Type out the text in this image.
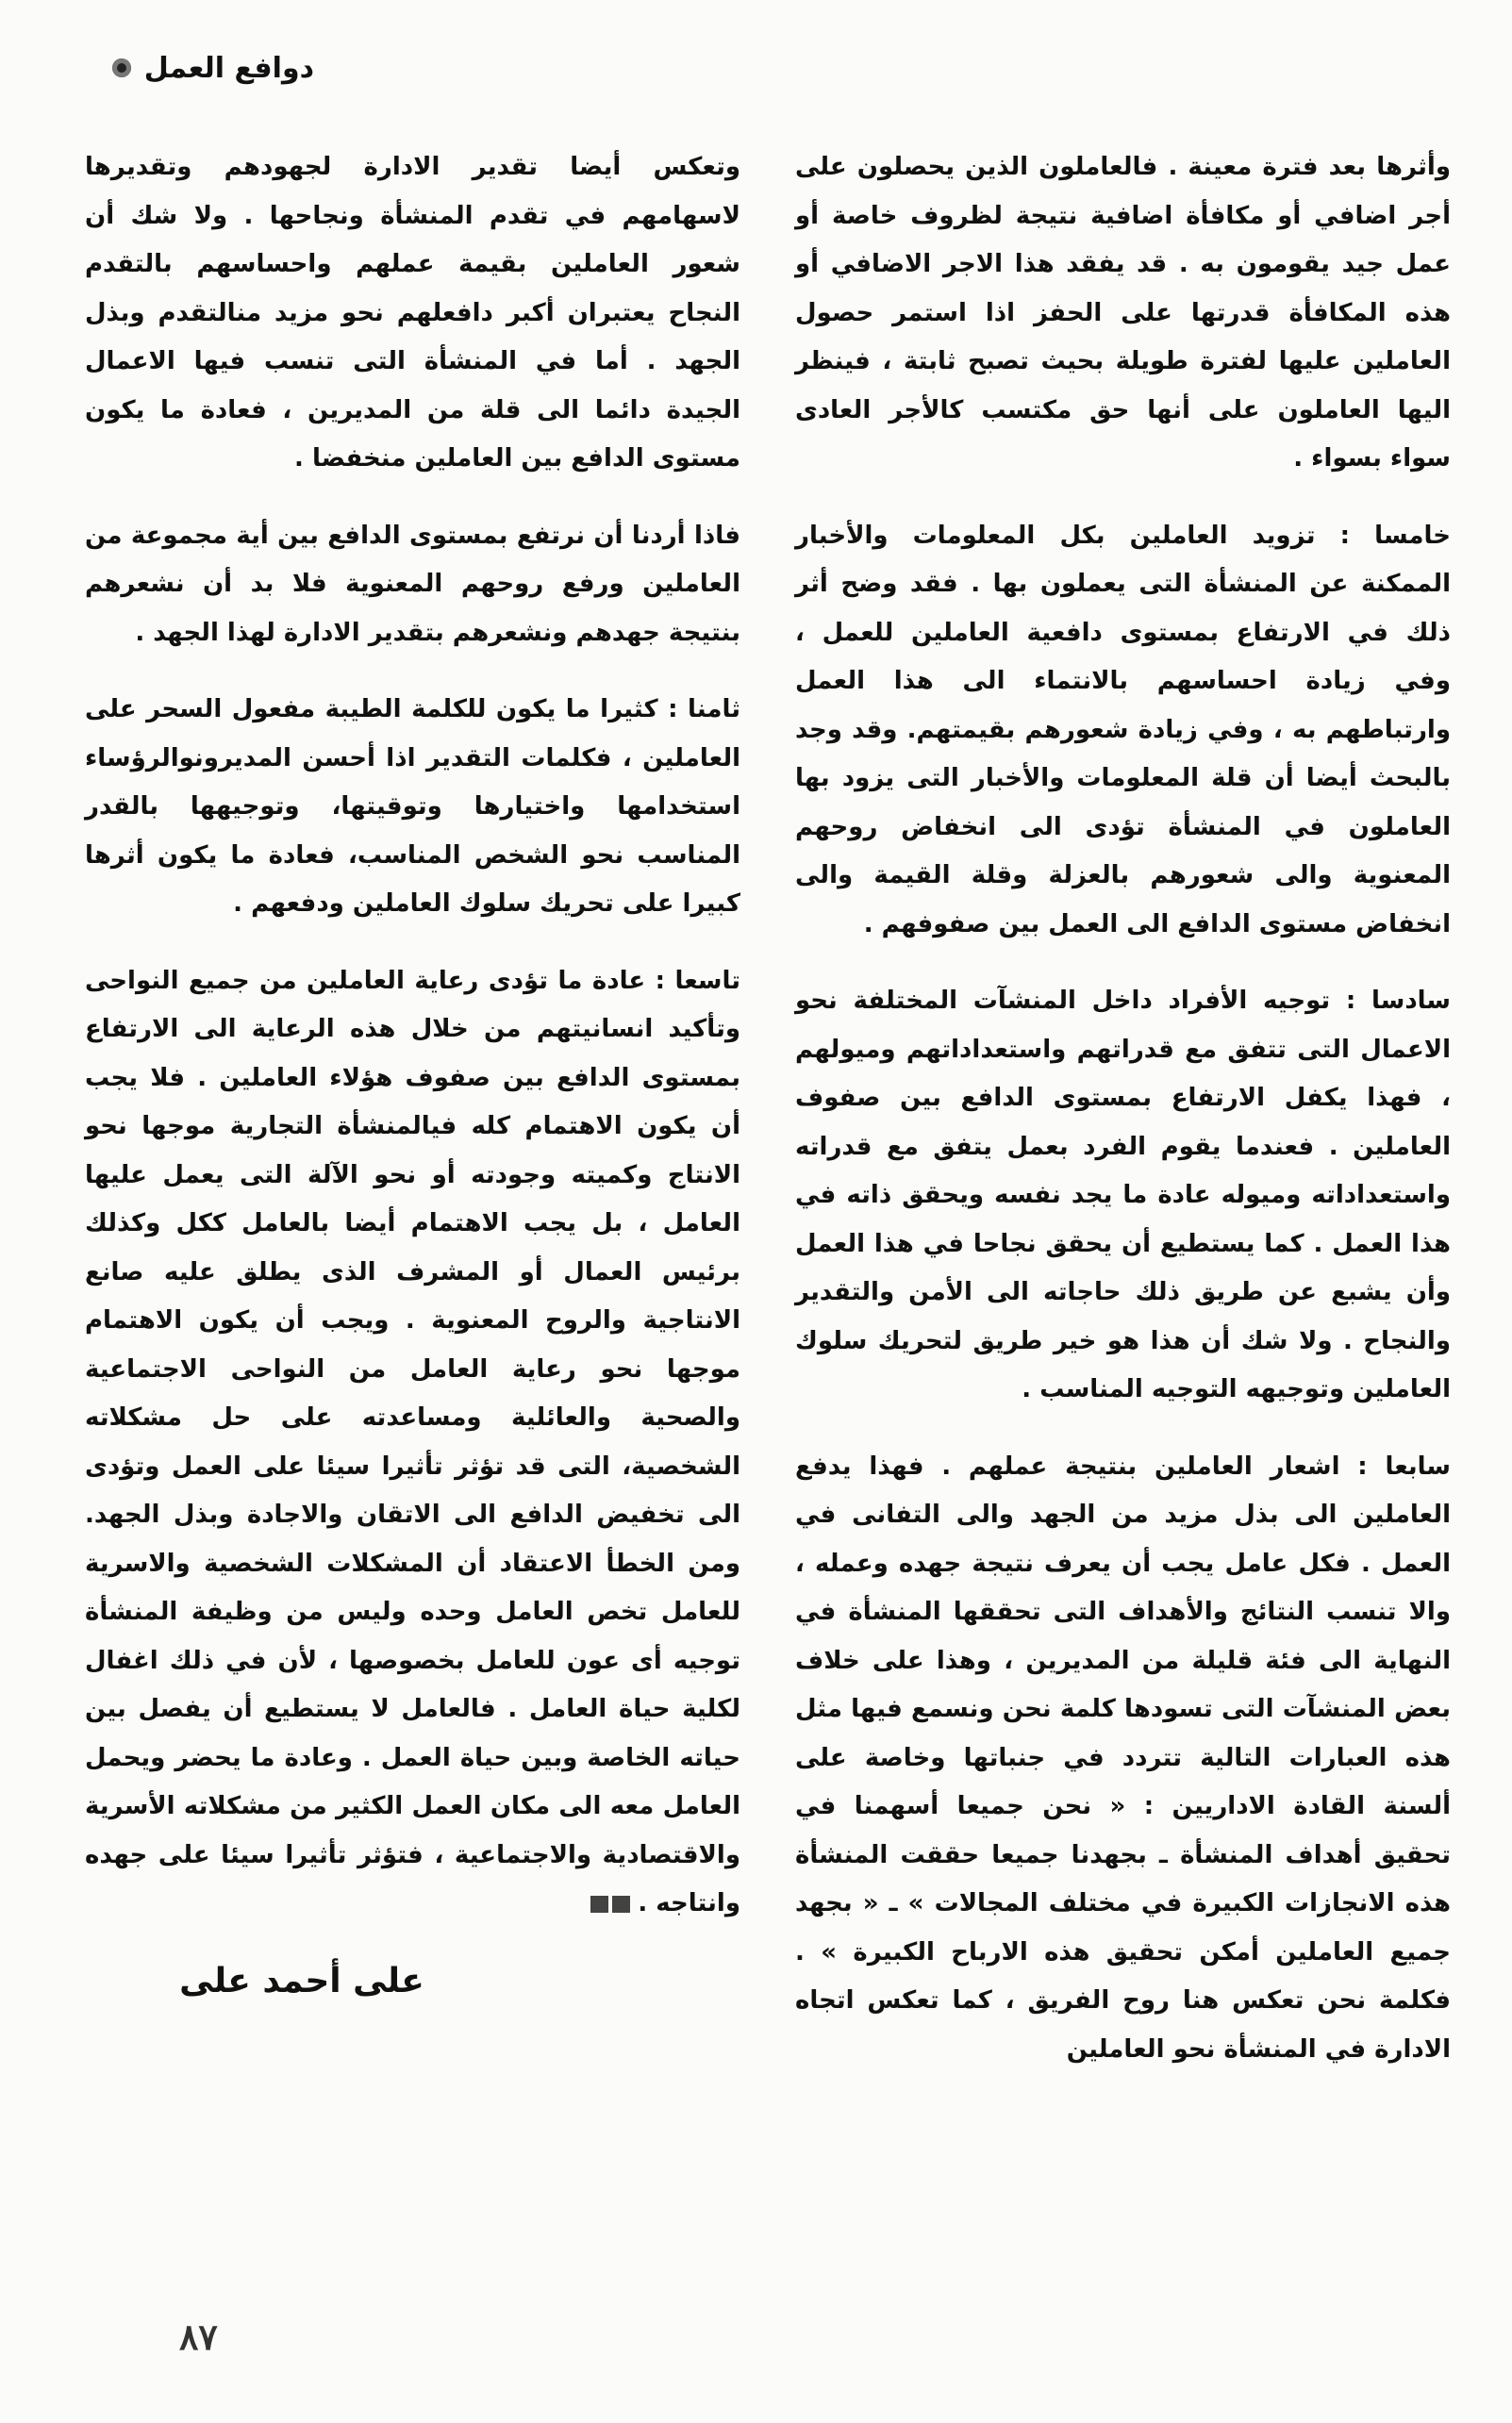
دوافع العمل

وأثرها بعد فترة معينة . فالعاملون الذين يحصلون على أجر اضافي أو مكافأة اضافية نتيجة لظروف خاصة أو عمل جيد يقومون به . قد يفقد هذا الاجر الاضافي أو هذه المكافأة قدرتها على الحفز اذا استمر حصول العاملين عليها لفترة طويلة بحيث تصبح ثابتة ، فينظر اليها العاملون على أنها حق مكتسب كالأجر العادى سواء بسواء .

خامسا : تزويد العاملين بكل المعلومات والأخبار الممكنة عن المنشأة التى يعملون بها . فقد وضح أثر ذلك في الارتفاع بمستوى دافعية العاملين للعمل ، وفي زيادة احساسهم بالانتماء الى هذا العمل وارتباطهم به ، وفي زيادة شعورهم بقيمتهم. وقد وجد بالبحث أيضا أن قلة المعلومات والأخبار التى يزود بها العاملون في المنشأة تؤدى الى انخفاض روحهم المعنوية والى شعورهم بالعزلة وقلة القيمة والى انخفاض مستوى الدافع الى العمل بين صفوفهم .

سادسا : توجيه الأفراد داخل المنشآت المختلفة نحو الاعمال التى تتفق مع قدراتهم واستعداداتهم وميولهم ، فهذا يكفل الارتفاع بمستوى الدافع بين صفوف العاملين . فعندما يقوم الفرد بعمل يتفق مع قدراته واستعداداته وميوله عادة ما يجد نفسه ويحقق ذاته في هذا العمل . كما يستطيع أن يحقق نجاحا في هذا العمل وأن يشبع عن طريق ذلك حاجاته الى الأمن والتقدير والنجاح . ولا شك أن هذا هو خير طريق لتحريك سلوك العاملين وتوجيهه التوجيه المناسب .

سابعا : اشعار العاملين بنتيجة عملهم . فهذا يدفع العاملين الى بذل مزيد من الجهد والى التفانى في العمل . فكل عامل يجب أن يعرف نتيجة جهده وعمله ، والا تنسب النتائج والأهداف التى تحققها المنشأة في النهاية الى فئة قليلة من المديرين ، وهذا على خلاف بعض المنشآت التى تسودها كلمة نحن ونسمع فيها مثل هذه العبارات التالية تتردد في جنباتها وخاصة على ألسنة القادة الاداريين : « نحن جميعا أسهمنا في تحقيق أهداف المنشأة ـ بجهدنا جميعا حققت المنشأة هذه الانجازات الكبيرة في مختلف المجالات » ـ « بجهد جميع العاملين أمكن تحقيق هذه الارباح الكبيرة » . فكلمة نحن تعكس هنا روح الفريق ، كما تعكس اتجاه الادارة في المنشأة نحو العاملين

وتعكس أيضا تقدير الادارة لجهودهم وتقديرها لاسهامهم في تقدم المنشأة ونجاحها . ولا شك أن شعور العاملين بقيمة عملهم واحساسهم بالتقدم النجاح يعتبران أكبر دافعلهم نحو مزيد منالتقدم وبذل الجهد . أما في المنشأة التى تنسب فيها الاعمال الجيدة دائما الى قلة من المديرين ، فعادة ما يكون مستوى الدافع بين العاملين منخفضا .

فاذا أردنا أن نرتفع بمستوى الدافع بين أية مجموعة من العاملين ورفع روحهم المعنوية فلا بد أن نشعرهم بنتيجة جهدهم ونشعرهم بتقدير الادارة لهذا الجهد .

ثامنا : كثيرا ما يكون للكلمة الطيبة مفعول السحر على العاملين ، فكلمات التقدير اذا أحسن المديرونوالرؤساء استخدامها واختيارها وتوقيتها، وتوجيهها بالقدر المناسب نحو الشخص المناسب، فعادة ما يكون أثرها كبيرا على تحريك سلوك العاملين ودفعهم .

تاسعا : عادة ما تؤدى رعاية العاملين من جميع النواحى وتأكيد انسانيتهم من خلال هذه الرعاية الى الارتفاع بمستوى الدافع بين صفوف هؤلاء العاملين . فلا يجب أن يكون الاهتمام كله فيالمنشأة التجارية موجها نحو الانتاج وكميته وجودته أو نحو الآلة التى يعمل عليها العامل ، بل يجب الاهتمام أيضا بالعامل ككل وكذلك برئيس العمال أو المشرف الذى يطلق عليه صانع الانتاجية والروح المعنوية . ويجب أن يكون الاهتمام موجها نحو رعاية العامل من النواحى الاجتماعية والصحية والعائلية ومساعدته على حل مشكلاته الشخصية، التى قد تؤثر تأثيرا سيئا على العمل وتؤدى الى تخفيض الدافع الى الاتقان والاجادة وبذل الجهد. ومن الخطأ الاعتقاد أن المشكلات الشخصية والاسرية للعامل تخص العامل وحده وليس من وظيفة المنشأة توجيه أى عون للعامل بخصوصها ، لأن في ذلك اغفال لكلية حياة العامل . فالعامل لا يستطيع أن يفصل بين حياته الخاصة وبين حياة العمل . وعادة ما يحضر ويحمل العامل معه الى مكان العمل الكثير من مشكلاته الأسرية والاقتصادية والاجتماعية ، فتؤثر تأثيرا سيئا على جهده وانتاجه .

على أحمد على
٨٧
